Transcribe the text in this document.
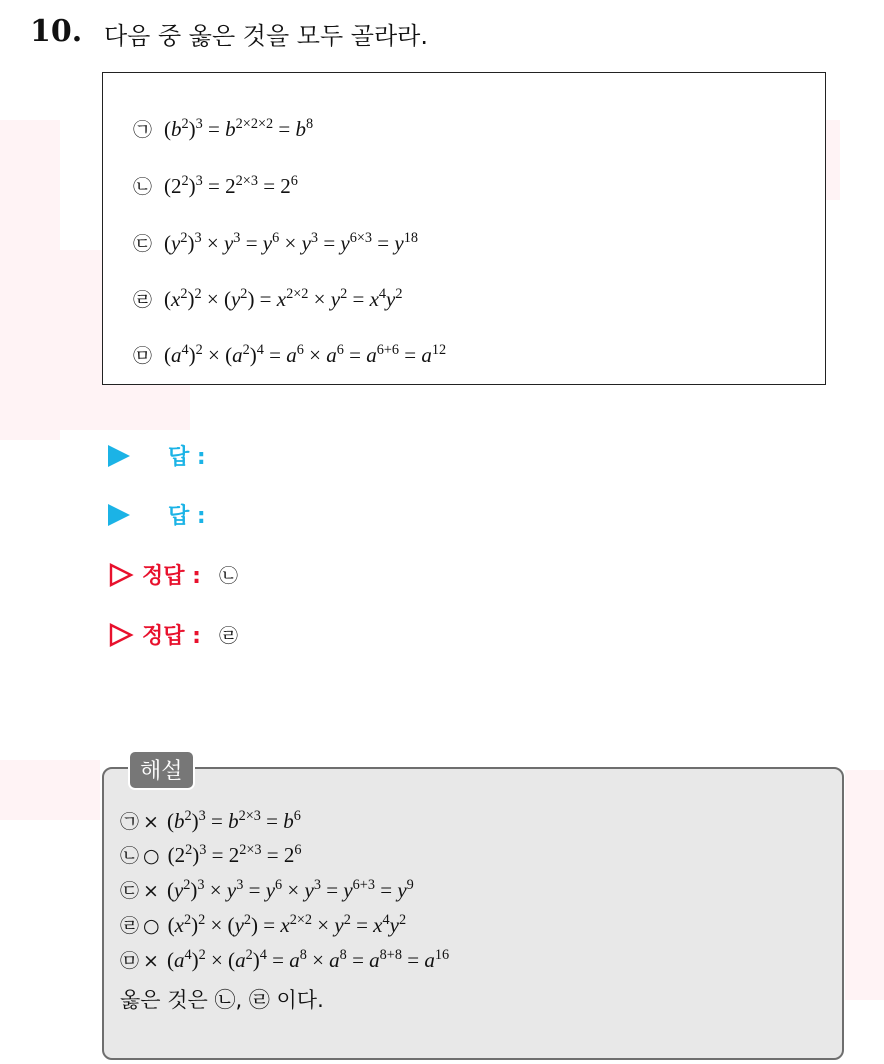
10. 다음 중 옳은 것을 모두 골라라.
㉠ $(b^2)^3 = b^{2\times 2\times 2} = b^8$
㉡ $(2^2)^3 = 2^{2\times 3} = 2^6$
㉢ $(y^2)^3 \times y^3 = y^6 \times y^3 = y^{6\times 3} = y^{18}$
㉣ $(x^2)^2 \times (y^2) = x^{2\times 2} \times y^2 = x^4y^2$
㉤ $(a^4)^2 \times (a^2)^4 = a^6 \times a^6 = a^{6+6} = a^{12}$
답 :
답 :
정답 : ㉡
정답 : ㉣
해설
㉠ × $(b^2)^3 = b^{2\times 3} = b^6$
㉡ ○ $(2^2)^3 = 2^{2\times 3} = 2^6$
㉢ × $(y^2)^3 \times y^3 = y^6 \times y^3 = y^{6+3} = y^9$
㉣ ○ $(x^2)^2 \times (y^2) = x^{2\times 2} \times y^2 = x^4y^2$
㉤ × $(a^4)^2 \times (a^2)^4 = a^8 \times a^8 = a^{8+8} = a^{16}$
옳은 것은 ㉡, ㉣ 이다.
